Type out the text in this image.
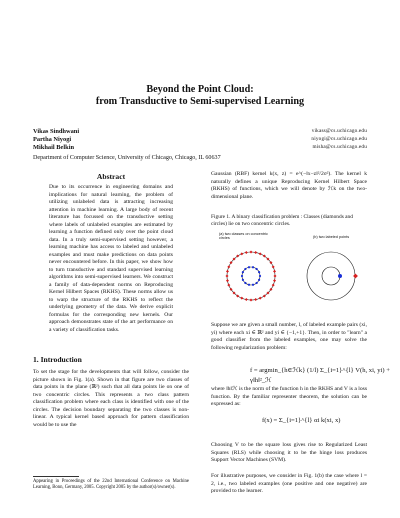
Beyond the Point Cloud:
from Transductive to Semi-supervised Learning
Vikas Sindhwani	vikass@cs.uchicago.edu
Partha Niyogi	niyogi@cs.uchicago.edu
Mikhail Belkin	misha@cs.uchicago.edu
Department of Computer Science, University of Chicago, Chicago, IL 60637
Abstract

Due to its occurrence in engineering domains and implications for natural learning, the problem of utilizing unlabeled data is attracting increasing attention in machine learning. A large body of recent literature has focussed on the transductive setting where labels of unlabeled examples are estimated by learning a function defined only over the point cloud data. In a truly semi-supervised setting however, a learning machine has access to labeled and unlabeled examples and must make predictions on data points never encountered before. In this paper, we show how to turn transductive and standard supervised learning algorithms into semi-supervised learners. We construct a family of data-dependent norms on Reproducing Kernel Hilbert Spaces (RKHS). These norms allow us to warp the structure of the RKHS to reflect the underlying geometry of the data. We derive explicit formulas for the corresponding new kernels. Our approach demonstrates state of the art performance on a variety of classification tasks.

1. Introduction

To set the stage for the developments that will follow, consider the picture shown in Fig. 1(a). Shown in that figure are two classes of data points in the plane (ℝ²) such that all data points lie on one of two concentric circles. This represents a two class pattern classification problem where each class is identified with one of the circles. The decision boundary separating the two classes is non-linear. A typical kernel based approach for pattern classification would be to use the

Appearing in Proceedings of the 22nd International Conference on Machine Learning, Bonn, Germany, 2005. Copyright 2005 by the author(s)/owner(s).

Gaussian (RBF) kernel k(x, z) = e^(−‖x−z‖²/2σ²). The kernel k naturally defines a unique Reproducing Kernel Hilbert Space (RKHS) of functions, which we will denote by ℋk on the two-dimensional plane.

Figure 1. A binary classification problem : Classes (diamonds and circles) lie on two concentric circles.

(a) two classes on concentric circles	(b) two labeled points

Suppose we are given a small number, l, of labeled example pairs (xi, yi) where each xi ∈ ℝ² and yi ∈ {−1,+1}. Then, in order to "learn" a good classifier from the labeled examples, one may solve the following regularization problem:

f = argmin_{h∈ℋk} (1/l) Σ_{i=1}^{l} V(h, xi, yi) + γ‖h‖²_ℋ

where ‖h‖ℋ is the norm of the function h in the RKHS and V is a loss function. By the familiar representer theorem, the solution can be expressed as:

f(x) = Σ_{i=1}^{l} αi k(xi, x)

Choosing V to be the square loss gives rise to Regularized Least Squares (RLS) while choosing it to be the hinge loss produces Support Vector Machines (SVM).

For illustrative purposes, we consider in Fig. 1(b) the case where l = 2, i.e., two labeled examples (one positive and one negative) are provided to the learner.
